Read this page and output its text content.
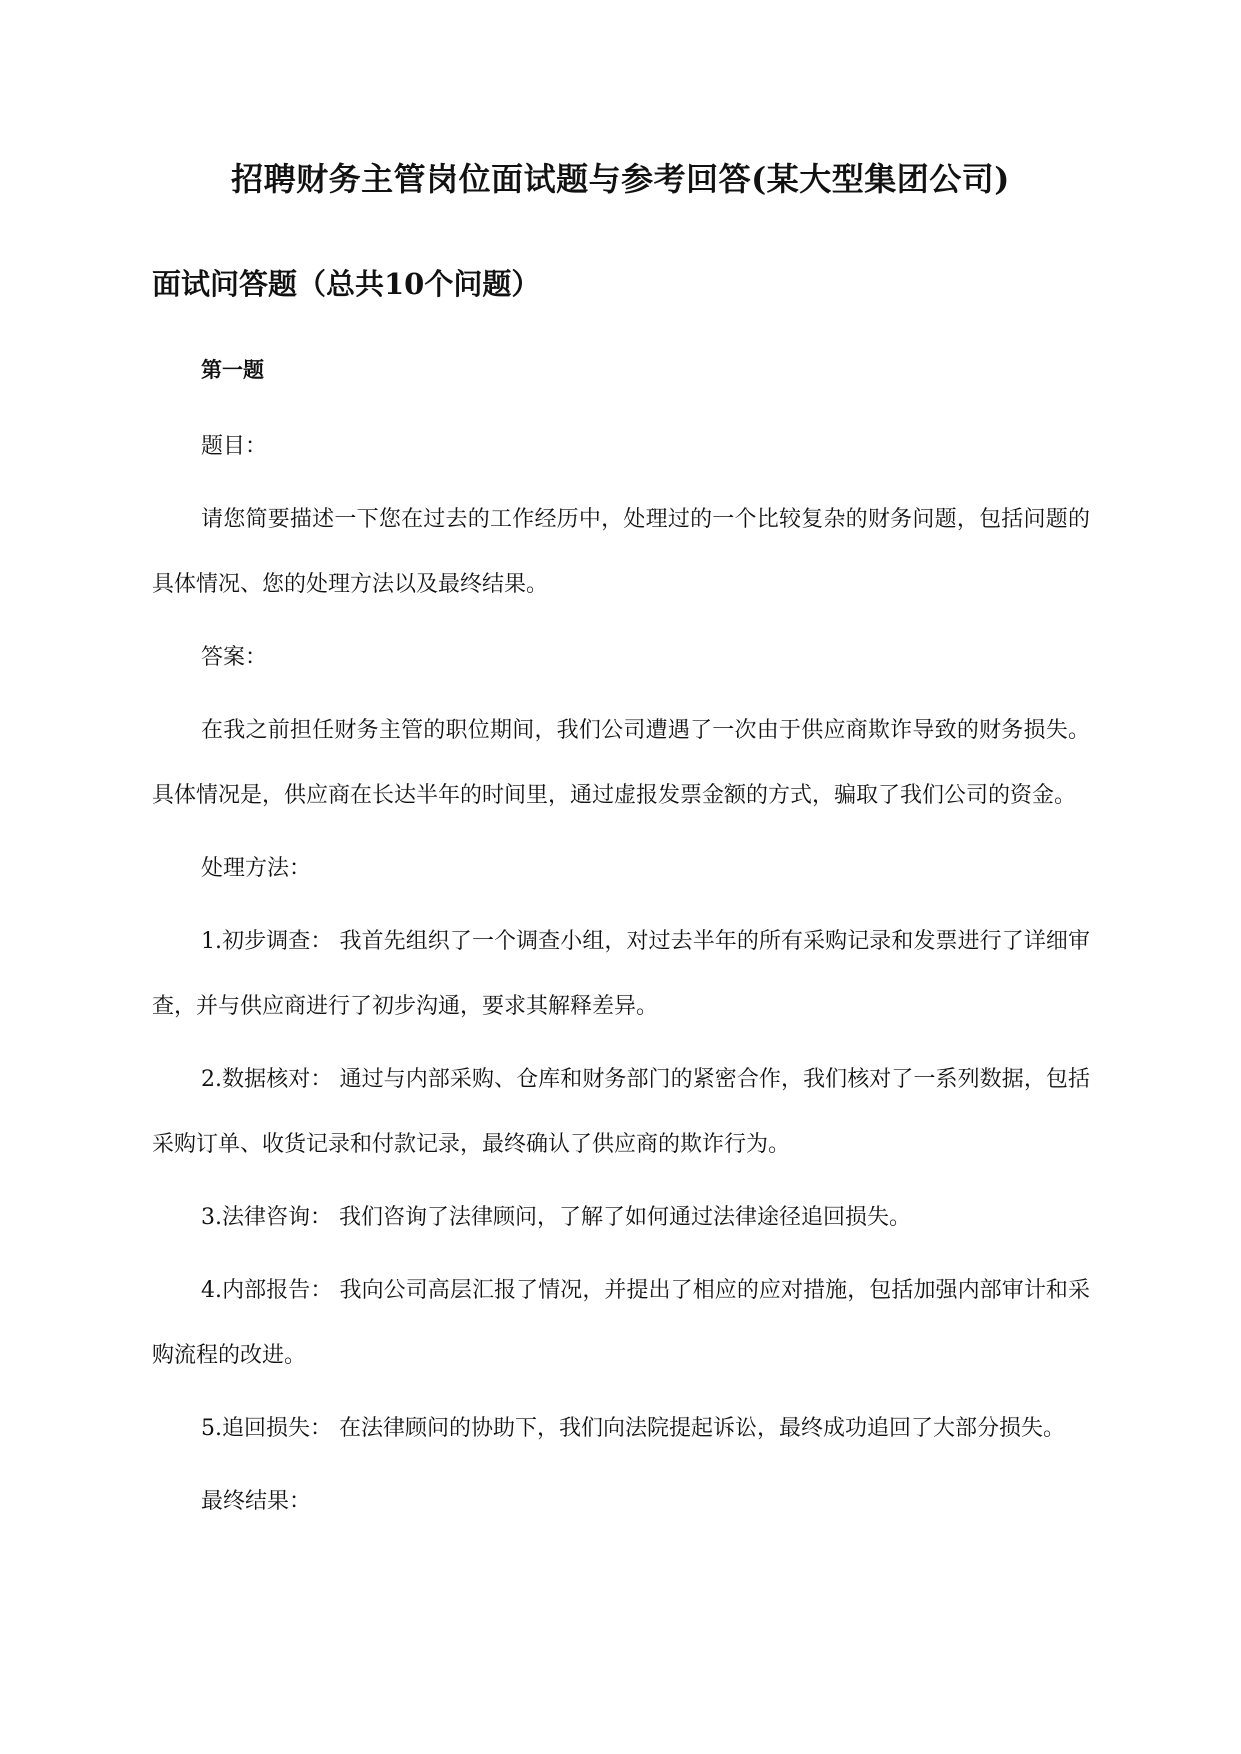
招聘财务主管岗位面试题与参考回答(某大型集团公司)
面试问答题（总共10个问题）
第一题

题目：

请您简要描述一下您在过去的工作经历中，处理过的一个比较复杂的财务问题，包括问题的具体情况、您的处理方法以及最终结果。

答案：

在我之前担任财务主管的职位期间，我们公司遭遇了一次由于供应商欺诈导致的财务损失。具体情况是，供应商在长达半年的时间里，通过虚报发票金额的方式，骗取了我们公司的资金。

处理方法：

1.初步调查： 我首先组织了一个调查小组，对过去半年的所有采购记录和发票进行了详细审查，并与供应商进行了初步沟通，要求其解释差异。

2.数据核对： 通过与内部采购、仓库和财务部门的紧密合作，我们核对了一系列数据，包括采购订单、收货记录和付款记录，最终确认了供应商的欺诈行为。

3.法律咨询： 我们咨询了法律顾问，了解了如何通过法律途径追回损失。

4.内部报告： 我向公司高层汇报了情况，并提出了相应的应对措施，包括加强内部审计和采购流程的改进。

5.追回损失： 在法律顾问的协助下，我们向法院提起诉讼，最终成功追回了大部分损失。

最终结果：
